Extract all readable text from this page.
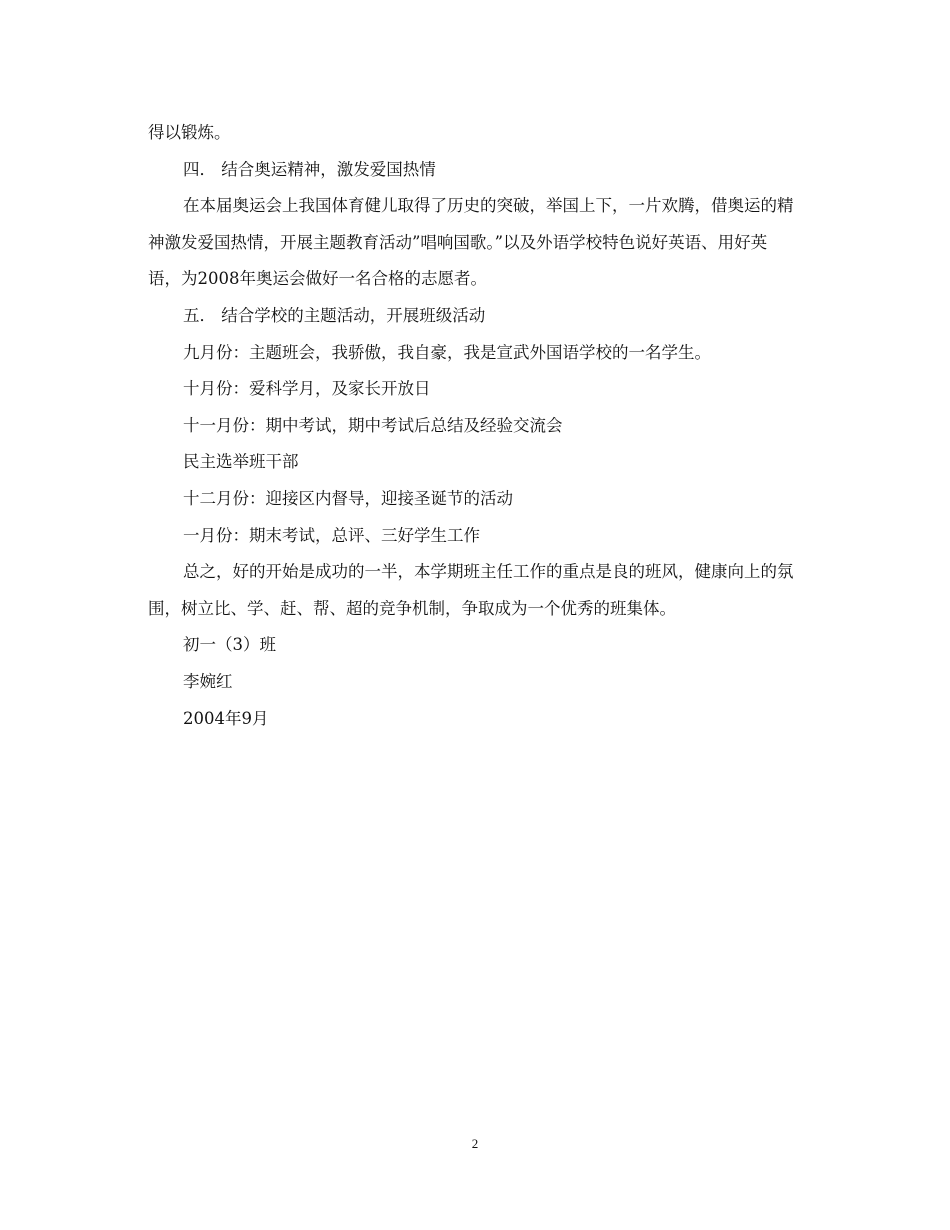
得以锻炼。

四． 结合奥运精神，激发爱国热情

在本届奥运会上我国体育健儿取得了历史的突破，举国上下，一片欢腾，借奥运的精神激发爱国热情，开展主题教育活动”唱响国歌。”以及外语学校特色说好英语、用好英语，为2008年奥运会做好一名合格的志愿者。

五． 结合学校的主题活动，开展班级活动

九月份：主题班会，我骄傲，我自豪，我是宣武外国语学校的一名学生。

十月份：爱科学月，及家长开放日

十一月份：期中考试，期中考试后总结及经验交流会

民主选举班干部

十二月份：迎接区内督导，迎接圣诞节的活动

一月份：期末考试，总评、三好学生工作

总之，好的开始是成功的一半，本学期班主任工作的重点是良的班风，健康向上的氛围，树立比、学、赶、帮、超的竞争机制，争取成为一个优秀的班集体。

初一（3）班

李婉红

2004年9月

2
